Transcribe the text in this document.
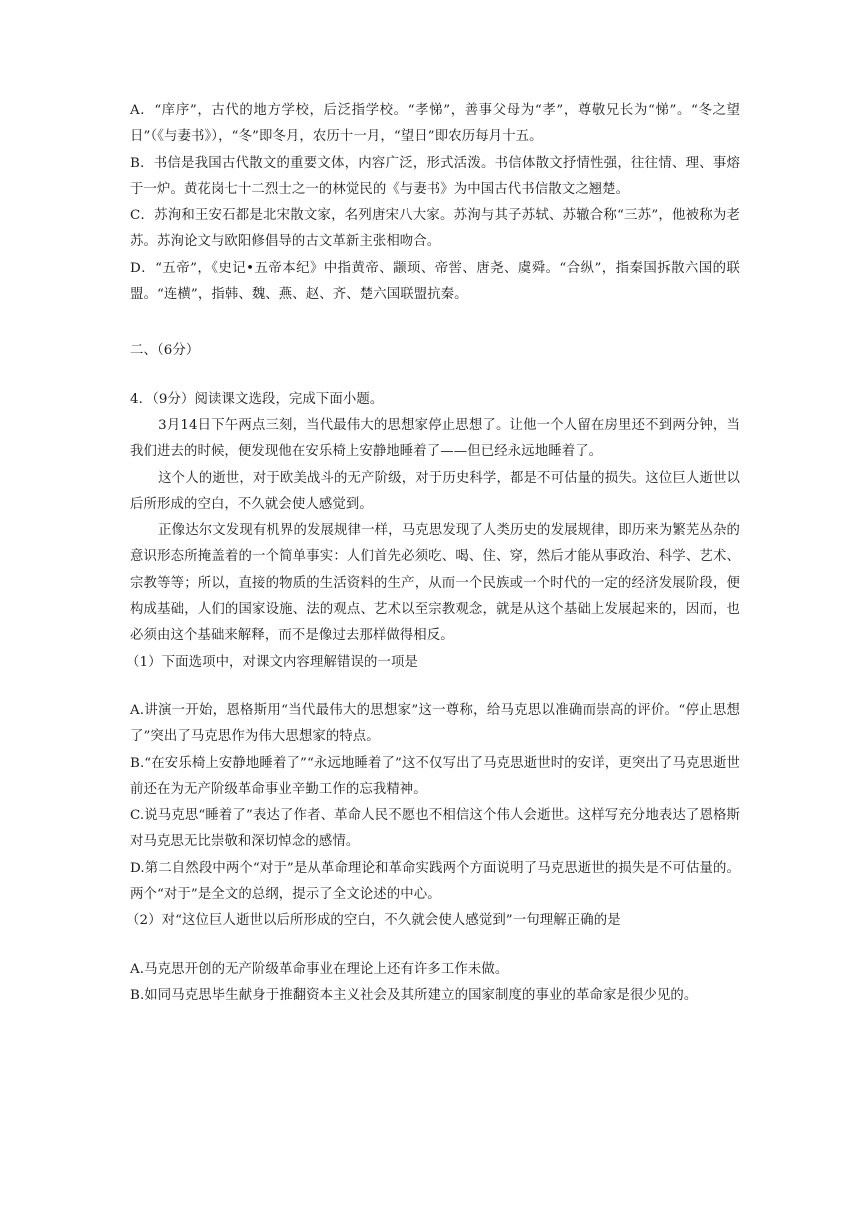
A．“庠序”，古代的地方学校，后泛指学校。“孝悌”，善事父母为“孝”，尊敬兄长为“悌”。“冬之望日”（《与妻书》），“冬”即冬月，农历十一月，“望日”即农历每月十五。

B．书信是我国古代散文的重要文体，内容广泛，形式活泼。书信体散文抒情性强，往往情、理、事熔于一炉。黄花岗七十二烈士之一的林觉民的《与妻书》为中国古代书信散文之翘楚。

C．苏洵和王安石都是北宋散文家，名列唐宋八大家。苏洵与其子苏轼、苏辙合称“三苏”，他被称为老苏。苏洵论文与欧阳修倡导的古文革新主张相吻合。

D．“五帝”，《史记•五帝本纪》中指黄帝、颛顼、帝喾、唐尧、虞舜。“合纵”，指秦国拆散六国的联盟。“连横”，指韩、魏、燕、赵、齐、楚六国联盟抗秦。

二、（6分）

4．（9分）阅读课文选段，完成下面小题。

3月14日下午两点三刻，当代最伟大的思想家停止思想了。让他一个人留在房里还不到两分钟，当我们进去的时候，便发现他在安乐椅上安静地睡着了——但已经永远地睡着了。

这个人的逝世，对于欧美战斗的无产阶级，对于历史科学，都是不可估量的损失。这位巨人逝世以后所形成的空白，不久就会使人感觉到。

正像达尔文发现有机界的发展规律一样，马克思发现了人类历史的发展规律，即历来为繁芜丛杂的意识形态所掩盖着的一个简单事实：人们首先必须吃、喝、住、穿，然后才能从事政治、科学、艺术、宗教等等；所以，直接的物质的生活资料的生产，从而一个民族或一个时代的一定的经济发展阶段，便构成基础，人们的国家设施、法的观点、艺术以至宗教观念，就是从这个基础上发展起来的，因而，也必须由这个基础来解释，而不是像过去那样做得相反。

（1）下面选项中，对课文内容理解错误的一项是

A.讲演一开始，恩格斯用“当代最伟大的思想家”这一尊称，给马克思以准确而崇高的评价。“停止思想了”突出了马克思作为伟大思想家的特点。

B.“在安乐椅上安静地睡着了”“永远地睡着了”这不仅写出了马克思逝世时的安详，更突出了马克思逝世前还在为无产阶级革命事业辛勤工作的忘我精神。

C.说马克思“睡着了”表达了作者、革命人民不愿也不相信这个伟人会逝世。这样写充分地表达了恩格斯对马克思无比崇敬和深切悼念的感情。

D.第二自然段中两个“对于”是从革命理论和革命实践两个方面说明了马克思逝世的损失是不可估量的。两个“对于”是全文的总纲，提示了全文论述的中心。

（2）对“这位巨人逝世以后所形成的空白，不久就会使人感觉到”一句理解正确的是

A.马克思开创的无产阶级革命事业在理论上还有许多工作未做。

B.如同马克思毕生献身于推翻资本主义社会及其所建立的国家制度的事业的革命家是很少见的。
